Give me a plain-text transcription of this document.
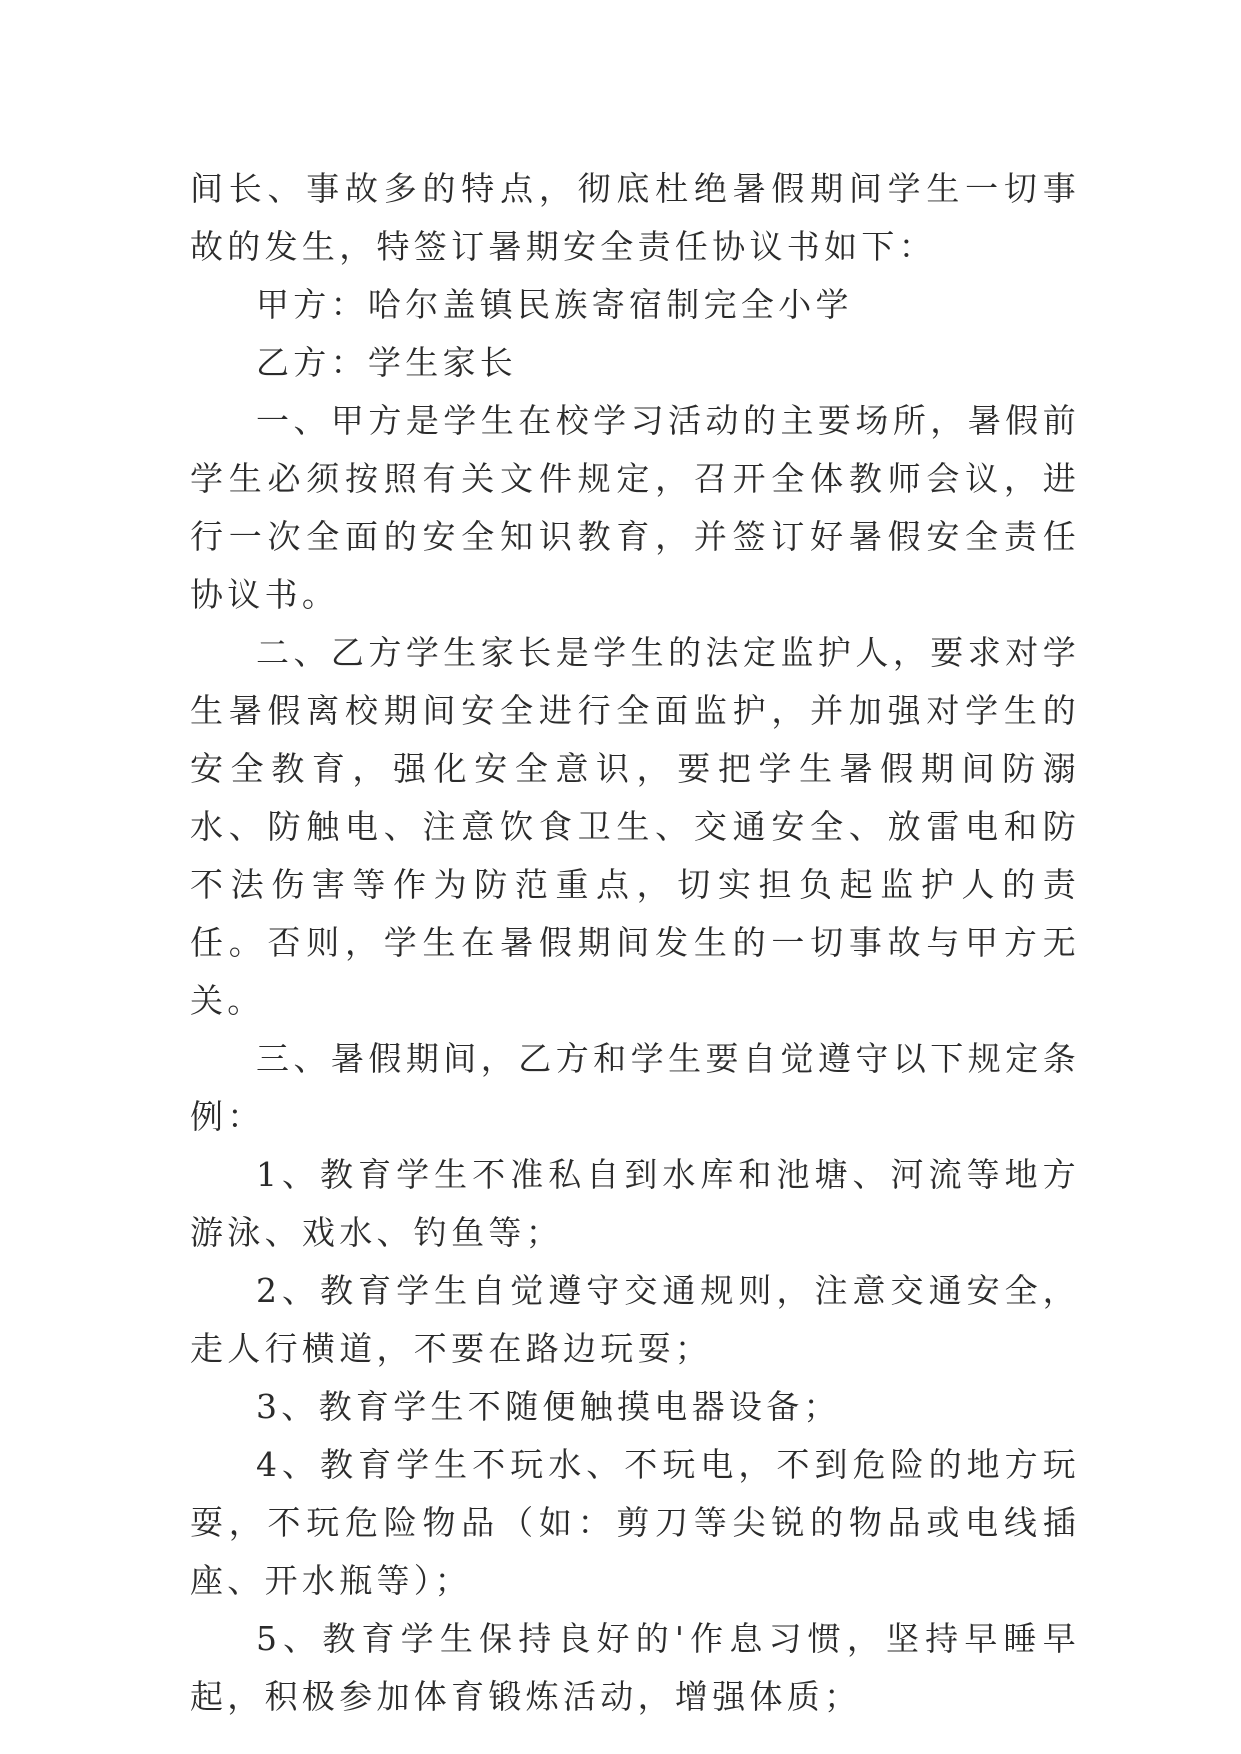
间长、事故多的特点，彻底杜绝暑假期间学生一切事故的发生，特签订暑期安全责任协议书如下：

甲方：哈尔盖镇民族寄宿制完全小学

乙方：学生家长

一、甲方是学生在校学习活动的主要场所，暑假前学生必须按照有关文件规定，召开全体教师会议，进行一次全面的安全知识教育，并签订好暑假安全责任协议书。

二、乙方学生家长是学生的法定监护人，要求对学生暑假离校期间安全进行全面监护，并加强对学生的安全教育，强化安全意识，要把学生暑假期间防溺水、防触电、注意饮食卫生、交通安全、放雷电和防不法伤害等作为防范重点，切实担负起监护人的责任。否则，学生在暑假期间发生的一切事故与甲方无关。

三、暑假期间，乙方和学生要自觉遵守以下规定条例：

1、教育学生不准私自到水库和池塘、河流等地方游泳、戏水、钓鱼等；

2、教育学生自觉遵守交通规则，注意交通安全，走人行横道，不要在路边玩耍；

3、教育学生不随便触摸电器设备；

4、教育学生不玩水、不玩电，不到危险的地方玩耍，不玩危险物品（如：剪刀等尖锐的物品或电线插座、开水瓶等）；

5、教育学生保持良好的'作息习惯，坚持早睡早起，积极参加体育锻炼活动，增强体质；
